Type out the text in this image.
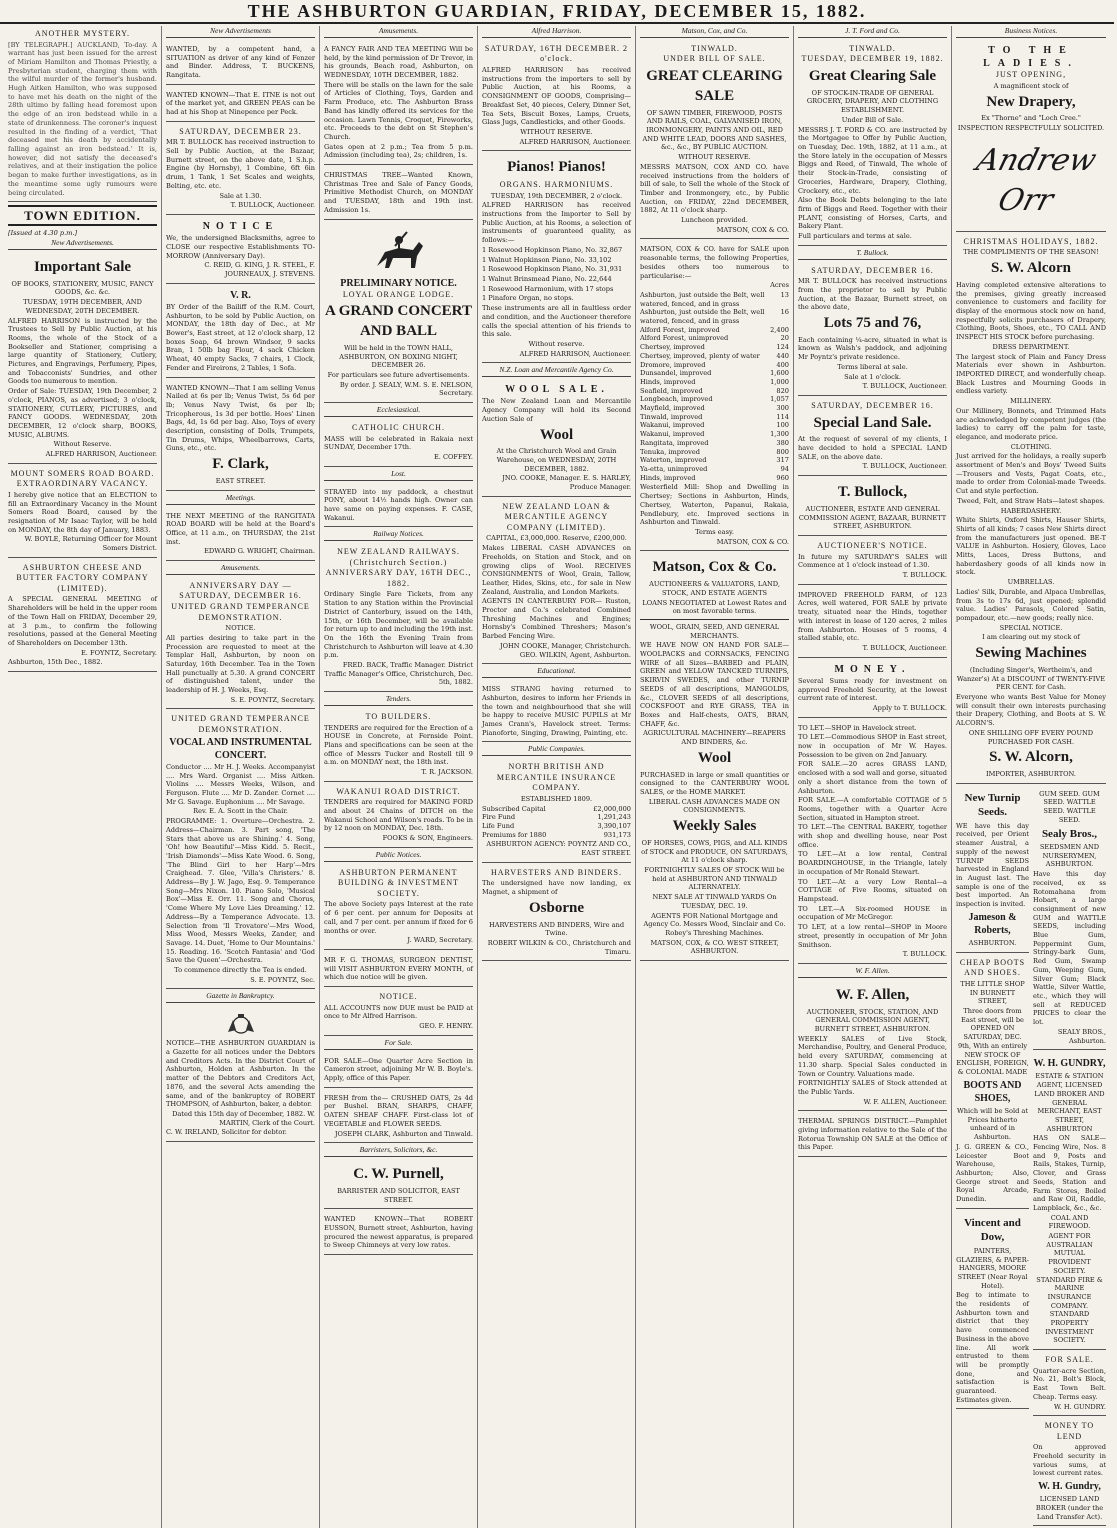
THE ASHBURTON GUARDIAN, FRIDAY, DECEMBER 15, 1882.
ANOTHER MYSTERY.

[BY TELEGRAPH.] AUCKLAND, To-day. A warrant has just been issued for the arrest of Miriam Hamilton and Thomas Priestly, a Presbyterian student, charging them with the wilful murder of the former's husband. Hugh Aitken Hamilton, who was supposed to have met his death on the night of the 28th ultimo by falling head foremost upon the edge of an iron bedstead while in a state of drunkenness. The coroner's inquest resulted in the finding of a verdict, 'That deceased met his death by accidentally falling against an iron bedstead.' It is, however, did not satisfy the deceased's relatives, and at their instigation the police began to make further investigations, as in the meantime some ugly rumours were being circulated.

TOWN EDITION.
[Issued at 4.30 p.m.]
New Advertisements.
Important Sale

OF BOOKS, STATIONERY, MUSIC, FANCY GOODS, &c. &c.

TUESDAY, 19TH DECEMBER, AND WEDNESDAY, 20TH DECEMBER.

ALFRED HARRISON is instructed by the Trustees to Sell by Public Auction, at his Rooms, the whole of the Stock of a Bookseller and Stationer, comprising a large quantity of Stationery, Cutlery, Pictures, and Engravings, Perfumery, Pipes, and Tobacconists' Sundries, and other Goods too numerous to mention.

Order of Sale: TUESDAY, 19th December, 2 o'clock, PIANOS, as advertised; 3 o'clock, STATIONERY, CUTLERY, PICTURES, and FANCY GOODS. WEDNESDAY, 20th DECEMBER, 12 o'clock sharp, BOOKS, MUSIC, ALBUMS.

Without Reserve.

ALFRED HARRISON, Auctioneer.

MOUNT SOMERS ROAD BOARD. EXTRAORDINARY VACANCY.

I hereby give notice that an ELECTION to fill an Extraordinary Vacancy in the Mount Somers Road Board, caused by the resignation of Mr Isaac Taylor, will be held on MONDAY, the 8th day of January, 1883.

W. BOYLE, Returning Officer for Mount Somers District.

ASHBURTON CHEESE AND BUTTER FACTORY COMPANY (LIMITED).

A SPECIAL GENERAL MEETING of Shareholders will be held in the upper room of the Town Hall on FRIDAY, December 29, at 3 p.m., to confirm the following resolutions, passed at the General Meeting of Shareholders on December 13th.

E. FOYNTZ, Secretary.

Ashburton, 15th Dec., 1882.

New Advertisements

WANTED, by a competent hand, a SITUATION as driver of any kind of Fenzer and Binder. Address, T. BUCKENS, Rangitata.

WANTED KNOWN—That E. ITNE is not out of the market yet, and GREEN PEAS can be had at his Shop at Ninepence per Peck.

SATURDAY, DECEMBER 23.

MR T. BULLOCK has received instruction to Sell by Public Auction, at the Bazaar, Burnett street, on the above date, 1 S.h.p. Engine (by Hornsby), 1 Combine, 6ft 6in drum, 1 Tank, 1 Set Scales and weights, Belting, etc. etc.

Sale at 1.30.

T. BULLOCK, Auctioneer.

NOTICE

We, the undersigned Blacksmiths, agree to CLOSE our respective Establishments TO-MORROW (Anniversary Day).

C. REID, G. KING, J. R. STEEL, F. JOURNEAUX, J. STEVENS.

V. R.

BY Order of the Bailiff of the R.M. Court, Ashburton, to be sold by Public Auction, on MONDAY, the 18th day of Dec., at Mr Bower's, East street, at 12 o'clock sharp, 12 boxes Soap, 64 brown Windsor, 9 sacks Bran, 1 50lb bag Flour, 4 sack Chicken Wheat, 40 empty Sacks, 7 chairs, 1 Clock, Fender and Fireirons, 2 Tables, 1 Sofa.

WANTED KNOWN—That I am selling Venus Nailed at 6s per lb; Venus Twist, 5s 6d per lb; Venus Navy Twist, 6s per lb; Tricopherous, 1s 3d per bottle. Hoes' Linen Bags, 4d, 1s 6d per bag. Also, Toys of every description, consisting of Dolls, Trumpets, Tin Drums, Whips, Wheelbarrows, Carts, Guns, etc., etc.

F. Clark,

EAST STREET.

Meetings.

THE NEXT MEETING of the RANGITATA ROAD BOARD will be held at the Board's Office, at 11 a.m., on THURSDAY, the 21st inst.

EDWARD G. WRIGHT, Chairman.

Amusements.
ANNIVERSARY DAY — SATURDAY, DECEMBER 16.
UNITED GRAND TEMPERANCE DEMONSTRATION.

NOTICE.

All parties desiring to take part in the Procession are requested to meet at the Templar Hall, Ashburton, by noon on Saturday, 16th December. Tea in the Town Hall punctually at 5.30. A grand CONCERT of distinguished talent, under the leadership of H. J. Weeks, Esq.

S. E. POYNTZ, Secretary.

UNITED GRAND TEMPERANCE DEMONSTRATION.
VOCAL AND INSTRUMENTAL CONCERT.

Conductor .... Mr H. J. Weeks. Accompanyist .... Mrs Ward. Organist .... Miss Aitken. Violins .... Messrs Weeks, Wilson, and Ferguson. Flute .... Mr D. Zander. Cornet .... Mr G. Savage. Euphonium .... Mr Savage.

Rev. E. A. Scott in the Chair.

PROGRAMME: 1. Overture—Orchestra. 2. Address—Chairman. 3. Part song, 'The Stars that above us are Shining.' 4. Song, 'Oh! how Beautiful'—Miss Kidd. 5. Recit., 'Irish Diamonds'—Miss Kate Wood. 6. Song, 'The Blind Girl to her Harp'—Mrs Craighead. 7. Glee, 'Villa's Christers.' 8. Address—By J. W. Jago, Esq. 9. Temperance Song—Mrs Nixon. 10. Piano Solo, 'Musical Box'—Miss E. Orr. 11. Song and Chorus, 'Come Where My Love Lies Dreaming.' 12. Address—By a Temperance Advocate. 13. Selection from 'Il Trovatore'—Mrs Wood, Miss Wood, Messrs Weeks, Zander, and Savage. 14. Duet, 'Home to Our Mountains.' 15. Reading. 16. 'Scotch Fantasia' and 'God Save the Queen'—Orchestra.

To commence directly the Tea is ended.

S. E. POYNTZ, Sec.

Gazette in Bankruptcy.

NOTICE—THE ASHBURTON GUARDIAN is a Gazette for all notices under the Debtors and Creditors Acts. In the District Court of Ashburton, Holden at Ashburton. In the matter of the Debtors and Creditors Act, 1876, and the several Acts amending the same, and of the bankruptcy of ROBERT THOMPSON, of Ashburton, baker, a debtor.

Dated this 15th day of December, 1882. W. MARTIN, Clerk of the Court.

C. W. IRELAND, Solicitor for debtor.

Amusements.

A FANCY FAIR AND TEA MEETING Will be held, by the kind permission of Dr Trevor, in his grounds, Beach road, Ashburton, on WEDNESDAY, 10TH DECEMBER, 1882.

There will be stalls on the lawn for the sale of Articles of Clothing, Toys, Garden and Farm Produce, etc. The Ashburton Brass Band has kindly offered its services for the occasion. Lawn Tennis, Croquet, Fireworks, etc. Proceeds to the debt on St Stephen's Church.

Gates open at 2 p.m.; Tea from 5 p.m. Admission (including tea), 2s; children, 1s.

CHRISTMAS TREE—Wanted Known, Christmas Tree and Sale of Fancy Goods, Primitive Methodist Church, on MONDAY and TUESDAY, 18th and 19th inst. Admission 1s.

PRELIMINARY NOTICE.
LOYAL ORANGE LODGE.
A GRAND CONCERT AND BALL

Will be held in the TOWN HALL, ASHBURTON, ON BOXING NIGHT, DECEMBER 26.

For particulars see future advertisements.

By order. J. SEALY, W.M. S. E. NELSON, Secretary.

Ecclesiastical.
CATHOLIC CHURCH.

MASS will be celebrated in Rakaia next SUNDAY, December 17th.

E. COFFEY.

Lost.

STRAYED into my paddock, a chestnut PONY, about 14½ hands high. Owner can have same on paying expenses. F. CASE, Wakanui.

Railway Notices.
NEW ZEALAND RAILWAYS. (Christchurch Section.)
ANNIVERSARY DAY, 16TH DEC., 1882.

Ordinary Single Fare Tickets, from any Station to any Station within the Provincial District of Canterbury, issued on the 14th, 15th, or 16th December, will be available for return up to and including the 19th inst. On the 16th the Evening Train from Christchurch to Ashburton will leave at 4.30 p.m.

FRED. BACK, Traffic Manager. District Traffic Manager's Office, Christchurch, Dec. 5th, 1882.

Tenders.
TO BUILDERS.

TENDERS are required for the Erection of a HOUSE in Concrete, at Fernside Point. Plans and specifications can be seen at the office of Messrs Tucker and Rostell till 9 a.m. on MONDAY next, the 18th inst.

T. R. JACKSON.

WAKANUI ROAD DISTRICT.

TENDERS are required for MAKING FORD and about 24 Chains of DITCH on the Wakanui School and Wilson's roads. To be in by 12 noon on MONDAY, Dec. 18th.

FOOKS & SON, Engineers.

Public Notices.
ASHBURTON PERMANENT BUILDING & INVESTMENT SOCIETY.

The above Society pays Interest at the rate of 6 per cent. per annum for Deposits at call, and 7 per cent. per annum if fixed for 6 months or over.

J. WARD, Secretary.

MR F. G. THOMAS, SURGEON DENTIST, will VISIT ASHBURTON EVERY MONTH, of which due notice will be given.

NOTICE.

ALL ACCOUNTS now DUE must be PAID at once to Mr Alfred Harrison.

GEO. F. HENRY.

For Sale.

FOR SALE—One Quarter Acre Section in Cameron street, adjoining Mr W. B. Boyle's. Apply, office of this Paper.

FRESH from the— CRUSHED OATS, 2s 4d per Bushel. BRAN, SHARPS, CHAFF, OATEN SHEAF CHAFF. First-class lot of VEGETABLE and FLOWER SEEDS.

JOSEPH CLARK, Ashburton and Tinwald.

Barristers, Solicitors, &c.
C. W. Purnell,

BARRISTER AND SOLICITOR, EAST STREET.

WANTED KNOWN—That ROBERT EUSSON, Burnett street, Ashburton, having procured the newest apparatus, is prepared to Sweep Chimneys at very low rates.

Alfred Harrison.
SATURDAY, 16TH DECEMBER. 2 o'clock.

ALFRED HARRISON has received instructions from the importers to sell by Public Auction, at his Rooms, a CONSIGNMENT OF GOODS, Comprising— Breakfast Set, 40 pieces, Celery, Dinner Set, Tea Sets, Biscuit Boxes, Lamps, Cruets, Glass Jugs, Candlesticks, and other Goods.

WITHOUT RESERVE.

ALFRED HARRISON, Auctioneer.

Pianos! Pianos!
ORGANS. HARMONIUMS.

TUESDAY, 19th DECEMBER, 2 o'clock.

ALFRED HARRISON has received instructions from the Importer to Sell by Public Auction, at his Rooms, a selection of instruments of guaranteed quality, as follows:—

1 Rosewood Hopkinson Piano, No. 32,867

1 Walnut Hopkinson Piano, No. 33,102

1 Rosewood Hopkinson Piano, No. 31,931

1 Walnut Brinsmead Piano, No. 22,644

1 Rosewood Harmonium, with 17 stops

1 Pinafore Organ, no stops.

These instruments are all in faultless order and condition, and the Auctioneer therefore calls the special attention of his friends to this sale.

Without reserve.

ALFRED HARRISON, Auctioneer.

N.Z. Loan and Mercantile Agency Co.
WOOL SALE.

The New Zealand Loan and Mercantile Agency Company will hold its Second Auction Sale of

Wool

At the Christchurch Wool and Grain Warehouse, on WEDNESDAY, 20TH DECEMBER, 1882.

JNO. COOKE, Manager. E. S. HARLEY, Produce Manager.

NEW ZEALAND LOAN & MERCANTILE AGENCY COMPANY (LIMITED).

CAPITAL, £3,000,000. Reserve, £200,000.

Makes LIBERAL CASH ADVANCES on Freeholds, on Station and Stock, and on growing clips of Wool. RECEIVES CONSIGNMENTS of Wool, Grain, Tallow, Leather, Hides, Skins, etc., for sale in New Zealand, Australia, and London Markets.

AGENTS IN CANTERBURY FOR— Ruston, Proctor and Co.'s celebrated Combined Threshing Machines and Engines; Hornsby's Combined Threshers; Mason's Barbed Fencing Wire.

JOHN COOKE, Manager, Christchurch. GEO. WILKIN, Agent, Ashburton.

Educational.

MISS STRANG having returned to Ashburton, desires to inform her Friends in the town and neighbourhood that she will be happy to receive MUSIC PUPILS at Mr James Crann's, Havelock street. Terms: Pianoforte, Singing, Drawing, Painting, etc.

Public Companies.
NORTH BRITISH AND MERCANTILE INSURANCE COMPANY.

ESTABLISHED 1809.

Subscribed Capital	£2,000,000
Fire Fund	1,291,243
Life Fund	3,390,107
Premiums for 1880	931,173

ASHBURTON AGENCY: POYNTZ AND CO., EAST STREET.

HARVESTERS AND BINDERS.

The undersigned have now landing, ex Magnet, a shipment of

Osborne

HARVESTERS AND BINDERS, Wire and Twine.

ROBERT WILKIN & CO., Christchurch and Timaru.

Matson, Cox, and Co.
TINWALD.
UNDER BILL OF SALE.
GREAT CLEARING SALE

OF SAWN TIMBER, FIREWOOD, POSTS AND RAILS, COAL, GALVANISED IRON, IRONMONGERY, PAINTS AND OIL, RED AND WHITE LEAD, DOORS AND SASHES, &c., &c., BY PUBLIC AUCTION.

WITHOUT RESERVE.

MESSRS MATSON, COX AND CO. have received instructions from the holders of bill of sale, to Sell the whole of the Stock of Timber and Ironmongery, etc., by Public Auction, on FRIDAY, 22nd DECEMBER, 1882, At 11 o'clock sharp.

Luncheon provided.

MATSON, COX & CO.

MATSON, COX & CO. have for SALE upon reasonable terms, the following Properties, besides others too numerous to particularise:—

Acres

Ashburton, just outside the Belt, well watered, fenced, and in grass
13
Ashburton, just outside the Belt, well watered, fenced, and in grass
16
Alford Forest, improved	2,400
Alford Forest, unimproved	20
Chertsey, improved	124
Chertsey, improved, plenty of water	440
Dromore, improved	400
Dunsandel, improved	1,600
Hinds, improved	1,000
Seafield, improved	820
Longbeach, improved	1,057
Mayfield, improved	300
Tinwald, improved	114
Wakanui, improved	100
Wakanui, improved	1,300
Rangitata, improved	380
Tenuka, improved	800
Waterton, improved	317
Ya-etta, unimproved	94
Hinds, improved	960

Westerfield Mill: Shop and Dwelling in Chertsey; Sections in Ashburton, Hinds, Chertsey, Waterton, Papanui, Rakaia, Pendlebury, etc. Improved sections in Ashburton and Tinwald.

Terms easy.

MATSON, COX & CO.

Matson, Cox & Co.

AUCTIONEERS & VALUATORS, LAND, STOCK, AND ESTATE AGENTS

LOANS NEGOTIATED at Lowest Rates and on most favorable terms.

WOOL, GRAIN, SEED, AND GENERAL MERCHANTS.

WE HAVE NOW ON HAND FOR SALE— WOOLPACKS and CORNSACKS, FENCING WIRE of all Sizes—BARBED and PLAIN, GREEN and YELLOW TANCKED TURNIPS, SKIRVIN SWEDES, and other TURNIP SEEDS of all descriptions, MANGOLDS, &c., CLOVER SEEDS of all descriptions, COCKSFOOT and RYE GRASS, TEA in Boxes and Half-chests, OATS, BRAN, CHAFF, &c.

AGRICULTURAL MACHINERY—REAPERS AND BINDERS, &c.

Wool

PURCHASED in large or small quantities or consigned to the CANTERBURY WOOL SALES, or the HOME MARKET.

LIBERAL CASH ADVANCES MADE ON CONSIGNMENTS.

Weekly Sales

OF HORSES, COWS, PIGS, and ALL KINDS of STOCK and PRODUCE, ON SATURDAYS, At 11 o'clock sharp.

FORTNIGHTLY SALES OF STOCK Will be held at ASHBURTON AND TINWALD ALTERNATELY.

NEXT SALE AT TINWALD YARDS On TUESDAY, DEC. 19.

AGENTS FOR National Mortgage and Agency Co. Messrs Wood, Sinclair and Co. Robey's Threshing Machines.

MATSON, COX, & CO. WEST STREET, ASHBURTON.

J. T. Ford and Co.
TINWALD.
TUESDAY, DECEMBER 19, 1882.
Great Clearing Sale

OF STOCK-IN-TRADE OF GENERAL GROCERY, DRAPERY, AND CLOTHING ESTABLISHMENT.

Under Bill of Sale.

MESSRS J. T. FORD & CO. are instructed by the Mortgagee to Offer by Public Auction, on Tuesday, Dec. 19th, 1882, at 11 a.m., at the Store lately in the occupation of Messrs Biggs and Reed, of Tinwald, The whole of their Stock-in-Trade, consisting of Groceries, Hardware, Drapery, Clothing, Crockery, etc., etc.

Also the Book Debts belonging to the late firm of Biggs and Reed. Together with their PLANT, consisting of Horses, Carts, and Bakery Plant.

Full particulars and terms at sale.

T. Bullock.
SATURDAY, DECEMBER 16.

MR T. BULLOCK has received instructions from the proprietor to sell by Public Auction, at the Bazaar, Burnett street, on the above date,

Lots 75 and 76,

Each containing ¼-acre, situated in what is known as Walsh's paddock, and adjoining Mr Poyntz's private residence.

Terms liberal at sale.

Sale at 1 o'clock.

T. BULLOCK, Auctioneer.

SATURDAY, DECEMBER 16.
Special Land Sale.

At the request of several of my clients, I have decided to hold a SPECIAL LAND SALE, on the above date.

T. BULLOCK, Auctioneer.

T. Bullock,

AUCTIONEER, ESTATE AND GENERAL COMMISSION AGENT, BAZAAR, BURNETT STREET, ASHBURTON.

AUCTIONEER'S NOTICE.

In future my SATURDAY'S SALES will Commence at 1 o'clock instead of 1.30.

T. BULLOCK.

IMPROVED FREEHOLD FARM, of 123 Acres, well watered, FOR SALE by private treaty, situated near the Hinds, together with interest in lease of 120 acres, 2 miles from Ashburton. Houses of 5 rooms, 4 stalled stable, etc.

T. BULLOCK, Auctioneer.

MONEY.

Several Sums ready for investment on approved Freehold Security, at the lowest current rate of interest.

Apply to T. BULLOCK.

TO LET.—SHOP in Havelock street.

TO LET.—Commodious SHOP in East street, now in occupation of Mr W. Hayes. Possession to be given on 2nd January.

FOR SALE.—20 acres GRASS LAND, enclosed with a sod wall and gorse, situated only a short distance from the town of Ashburton.

FOR SALE.—A comfortable COTTAGE of 5 Rooms, together with a Quarter Acre Section, situated in Hampton street.

TO LET.—The CENTRAL BAKERY, together with shop and dwelling house, near Post office.

TO LET.—At a low rental, Central BOARDINGHOUSE, in the Triangle, lately in occupation of Mr Ronald Stewart.

TO LET.—At a very Low Rental—a COTTAGE of Five Rooms, situated on Hampstead.

TO LET.—A Six-roomed HOUSE in occupation of Mr McGregor.

TO LET, at a low rental—SHOP in Moore street, presently in occupation of Mr John Smithson.

T. BULLOCK.

W. F. Allen.
W. F. Allen,

AUCTIONEER, STOCK, STATION, AND GENERAL COMMISSION AGENT, BURNETT STREET, ASHBURTON.

WEEKLY SALES of Live Stock, Merchandise, Poultry, and General Produce, held every SATURDAY, commencing at 11.30 sharp. Special Sales conducted in Town or Country. Valuations made.

FORTNIGHTLY SALES of Stock attended at the Public Yards.

W. F. ALLEN, Auctioneer.

THERMAL SPRINGS DISTRICT.—Pamphlet giving information relative to the Sale of the Rotorua Township ON SALE at the Office of this Paper.

Business Notices.
TO THE LADIES.
JUST OPENING,

A magnificent stock of

New Drapery,

Ex "Thorne" and "Loch Cree."

INSPECTION RESPECTFULLY SOLICITED.

Andrew Orr
CHRISTMAS HOLIDAYS, 1882.

THE COMPLIMENTS OF THE SEASON!

S. W. Alcorn

Having completed extensive alterations to the premises, giving greatly increased convenience to customers and facility for display of the enormous stock now on hand, respectfully solicits purchasers of Drapery, Clothing, Boots, Shoes, etc., TO CALL AND INSPECT HIS STOCK before purchasing.

DRESS DEPARTMENT.

The largest stock of Plain and Fancy Dress Materials ever shown in Ashburton. IMPORTED DIRECT, and wonderfully cheap. Black Lustres and Mourning Goods in endless variety.

MILLINERY.

Our Millinery, Bonnets, and Trimmed Hats are acknowledged by competent judges (the ladies) to carry off the palm for taste, elegance, and moderate price.

CLOTHING.

Just arrived for the holidays, a really superb assortment of Men's and Boys' Tweed Suits—Trousers and Vests, Pagat Coats, etc., made to order from Colonial-made Tweeds. Cut and style perfection.

Tweed, Felt, and Straw Hats—latest shapes.

HABERDASHERY.

White Shirts, Oxford Shirts, Hauser Shirts, Shirts of all kinds; 7 cases New Shirts direct from the manufacturers just opened. BE-T VALUE in Ashburton. Hosiery, Gloves, Lace Mitts, Laces, Dress Buttons, and haberdashery goods of all kinds now in stock.

UMBRELLAS.

Ladies' Silk, Durable, and Alpaca Umbrellas, from 3s to 17s 6d, just opened; splendid value. Ladies' Parasols, Colored Satin, pompadour, etc.—new goods; really nice.

SPECIAL NOTICE.

I am clearing out my stock of

Sewing Machines

(Including Singer's, Wertheim's, and Wanzer's) At a DISCOUNT of TWENTY-FIVE PER CENT. for Cash.

Everyone who wants Best Value for Money will consult their own interests purchasing their Drapery, Clothing, and Boots at S. W. ALCORN'S.

ONE SHILLING OFF EVERY POUND PURCHASED FOR CASH.

S. W. Alcorn,

IMPORTER, ASHBURTON.

New Turnip Seeds.

WE have this day received, per Orient steamer Austral, a supply of the newest TURNIP SEEDS harvested in England in August last. The sample is one of the best imported. An inspection is invited.

Jameson & Roberts,

ASHBURTON.

CHEAP BOOTS AND SHOES.

THE LITTLE SHOP IN BURNETT STREET,

Three doors from East street, will be OPENED ON SATURDAY, DEC. 9th, With an entirely NEW STOCK OF ENGLISH, FOREIGN, & COLONIAL MADE

BOOTS AND SHOES,

Which will be Sold at Prices hitherto unheard of in Ashburton.

J. G. GREEN & CO., Leicester Boot Warehouse, Ashburton; Also, George street and Royal Arcade, Dunedin.

Vincent and Dow,

PAINTERS, GLAZIERS, & PAPER-HANGERS, MOORE STREET (Near Royal Hotel).

Beg to intimate to the residents of Ashburton town and district that they have commenced Business in the above line. All work entrusted to them will be promptly done, and satisfaction is guaranteed. Estimates given.

GUM SEED. GUM SEED. WATTLE SEED. WATTLE SEED.

Sealy Bros.,

SEEDSMEN AND NURSERYMEN, ASHBURTON.

Have this day received, ex ss Rotomahana from Hobart, a large consignment of new GUM and WATTLE SEEDS, including Blue Gum, Peppermint Gum, Stringy-bark Gum, Red Gum, Swamp Gum, Weeping Gum, Silver Gum; Black Wattle, Silver Wattle, etc., which they will sell at REDUCED PRICES to clear the lot.

SEALY BROS., Ashburton.

W. H. GUNDRY,

ESTATE & STATION AGENT, LICENSED LAND BROKER AND GENERAL MERCHANT, EAST STREET, ASHBURTON

HAS ON SALE— Fencing Wire, Nos. 8 and 9, Posts and Rails, Stakes, Turnip, Clover, and Grass Seeds, Station and Farm Stores, Boiled and Raw Oil, Raddle, Lampblack, &c., &c.

COAL AND FIREWOOD.

AGENT FOR AUSTRALIAN MUTUAL PROVIDENT SOCIETY. STANDARD FIRE & MARINE INSURANCE COMPANY. STANDARD PROPERTY INVESTMENT SOCIETY.

FOR SALE.

Quarter-acre Section, No. 21, Bolt's Block, East Town Belt. Cheap. Terms easy.

W. H. GUNDRY.

MONEY TO LEND

On approved Freehold security in various sums, at lowest current rates.

W. H. Gundry,

LICENSED LAND BROKER (under the Land Transfer Act).
